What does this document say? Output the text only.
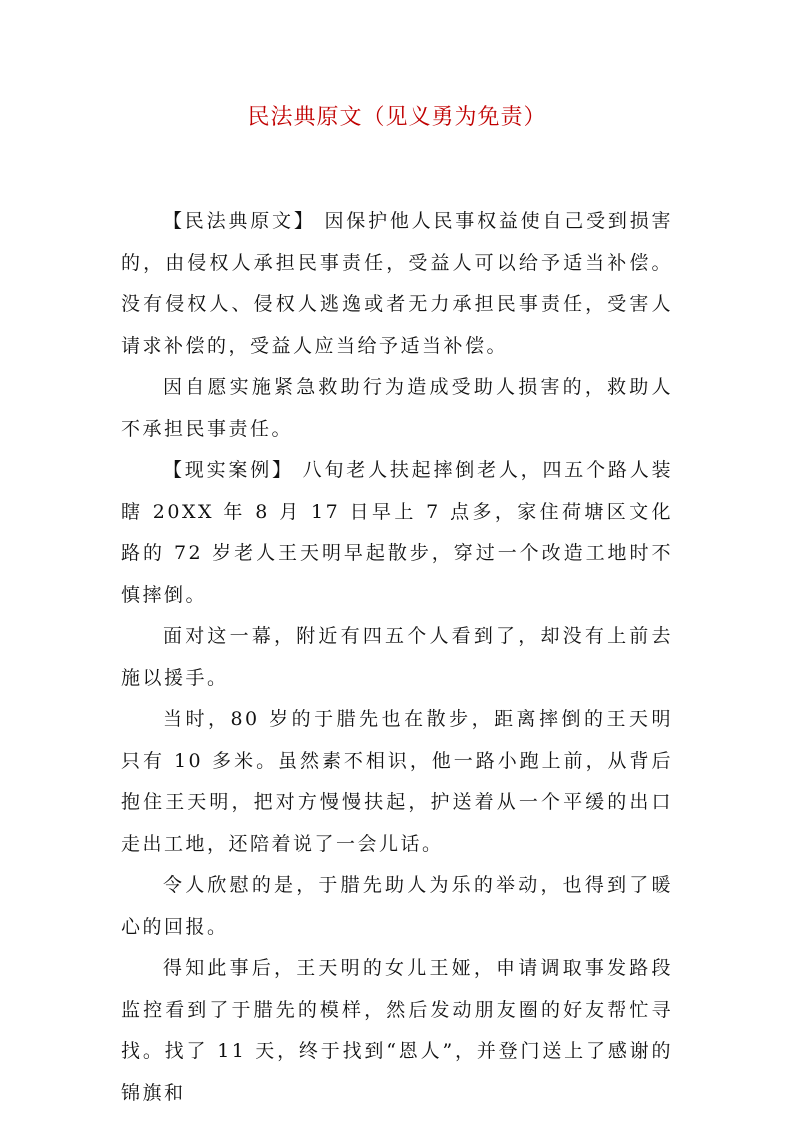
民法典原文（见义勇为免责）

【民法典原文】 因保护他人民事权益使自己受到损害的，由侵权人承担民事责任，受益人可以给予适当补偿。没有侵权人、侵权人逃逸或者无力承担民事责任，受害人请求补偿的，受益人应当给予适当补偿。

因自愿实施紧急救助行为造成受助人损害的，救助人不承担民事责任。

【现实案例】 八旬老人扶起摔倒老人，四五个路人装瞎 20XX 年 8 月 17 日早上 7 点多，家住荷塘区文化路的 72 岁老人王天明早起散步，穿过一个改造工地时不慎摔倒。

面对这一幕，附近有四五个人看到了，却没有上前去施以援手。

当时，80 岁的于腊先也在散步，距离摔倒的王天明只有 10 多米。虽然素不相识，他一路小跑上前，从背后抱住王天明，把对方慢慢扶起，护送着从一个平缓的出口走出工地，还陪着说了一会儿话。

令人欣慰的是，于腊先助人为乐的举动，也得到了暖心的回报。

得知此事后，王天明的女儿王娅，申请调取事发路段监控看到了于腊先的模样，然后发动朋友圈的好友帮忙寻找。找了 11 天，终于找到“恩人”，并登门送上了感谢的锦旗和
